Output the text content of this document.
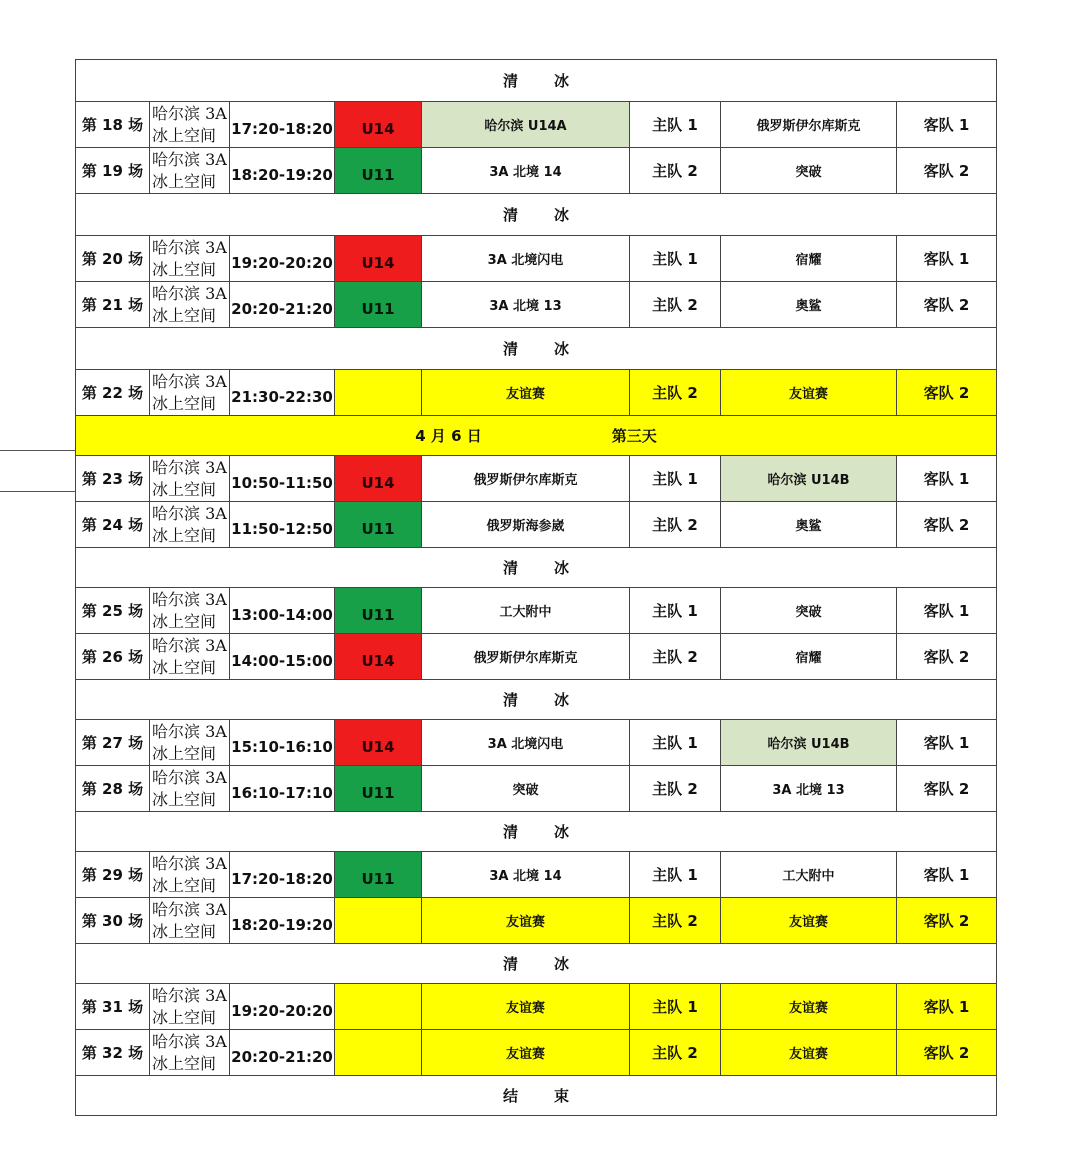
清 冰							
第 18 场	哈尔滨 3A 冰上空间	17:20-18:20	U14	哈尔滨 U14A	主队 1	俄罗斯伊尔库斯克	客队 1
第 19 场	哈尔滨 3A 冰上空间	18:20-19:20	U11	3A 北境 14	主队 2	突破	客队 2
清 冰							
第 20 场	哈尔滨 3A 冰上空间	19:20-20:20	U14	3A 北境闪电	主队 1	宿耀	客队 1
第 21 场	哈尔滨 3A 冰上空间	20:20-21:20	U11	3A 北境 13	主队 2	奥鲨	客队 2
清 冰							
第 22 场	哈尔滨 3A 冰上空间	21:30-22:30		友谊赛	主队 2	友谊赛	客队 2
4 月 6 日 第三天							
第 23 场	哈尔滨 3A 冰上空间	10:50-11:50	U14	俄罗斯伊尔库斯克	主队 1	哈尔滨 U14B	客队 1
第 24 场	哈尔滨 3A 冰上空间	11:50-12:50	U11	俄罗斯海参崴	主队 2	奥鲨	客队 2
清 冰							
第 25 场	哈尔滨 3A 冰上空间	13:00-14:00	U11	工大附中	主队 1	突破	客队 1
第 26 场	哈尔滨 3A 冰上空间	14:00-15:00	U14	俄罗斯伊尔库斯克	主队 2	宿耀	客队 2
清 冰							
第 27 场	哈尔滨 3A 冰上空间	15:10-16:10	U14	3A 北境闪电	主队 1	哈尔滨 U14B	客队 1
第 28 场	哈尔滨 3A 冰上空间	16:10-17:10	U11	突破	主队 2	3A 北境 13	客队 2
清 冰							
第 29 场	哈尔滨 3A 冰上空间	17:20-18:20	U11	3A 北境 14	主队 1	工大附中	客队 1
第 30 场	哈尔滨 3A 冰上空间	18:20-19:20		友谊赛	主队 2	友谊赛	客队 2
清 冰							
第 31 场	哈尔滨 3A 冰上空间	19:20-20:20		友谊赛	主队 1	友谊赛	客队 1
第 32 场	哈尔滨 3A 冰上空间	20:20-21:20		友谊赛	主队 2	友谊赛	客队 2
结 束							
